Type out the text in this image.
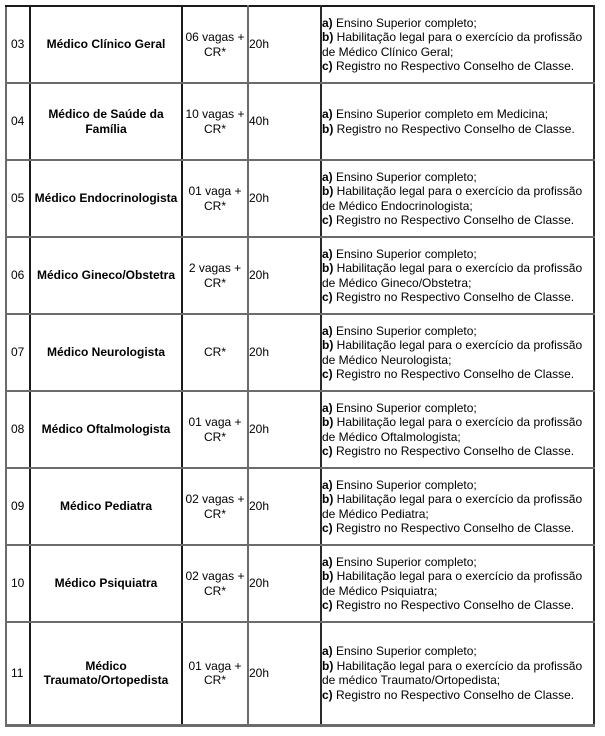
03	Médico Clínico Geral	06 vagas + CR*	20h	a) Ensino Superior completo;
b) Habilitação legal para o exercício da profissão de Médico Clínico Geral;
c) Registro no Respectivo Conselho de Classe.

04	Médico de Saúde da Família	10 vagas + CR*	40h	a) Ensino Superior completo em Medicina;
b) Registro no Respectivo Conselho de Classe.

05	Médico Endocrinologista	01 vaga + CR*	20h	a) Ensino Superior completo;
b) Habilitação legal para o exercício da profissão de Médico Endocrinologista;
c) Registro no Respectivo Conselho de Classe.

06	Médico Gineco/Obstetra	2 vagas + CR*	20h	a) Ensino Superior completo;
b) Habilitação legal para o exercício da profissão de Médico Gineco/Obstetra;
c) Registro no Respectivo Conselho de Classe.

07	Médico Neurologista	CR*	20h	a) Ensino Superior completo;
b) Habilitação legal para o exercício da profissão de Médico Neurologista;
c) Registro no Respectivo Conselho de Classe.

08	Médico Oftalmologista	01 vaga + CR*	20h	a) Ensino Superior completo;
b) Habilitação legal para o exercício da profissão de Médico Oftalmologista;
c) Registro no Respectivo Conselho de Classe.

09	Médico Pediatra	02 vagas + CR*	20h	a) Ensino Superior completo;
b) Habilitação legal para o exercício da profissão de Médico Pediatra;
c) Registro no Respectivo Conselho de Classe.

10	Médico Psiquiatra	02 vagas + CR*	20h	a) Ensino Superior completo;
b) Habilitação legal para o exercício da profissão de Médico Psiquiatra;
c) Registro no Respectivo Conselho de Classe.

11	Médico Traumato/Ortopedista	01 vaga + CR*	20h	a) Ensino Superior completo;
b) Habilitação legal para o exercício da profissão de médico Traumato/Ortopedista;
c) Registro no Respectivo Conselho de Classe.
